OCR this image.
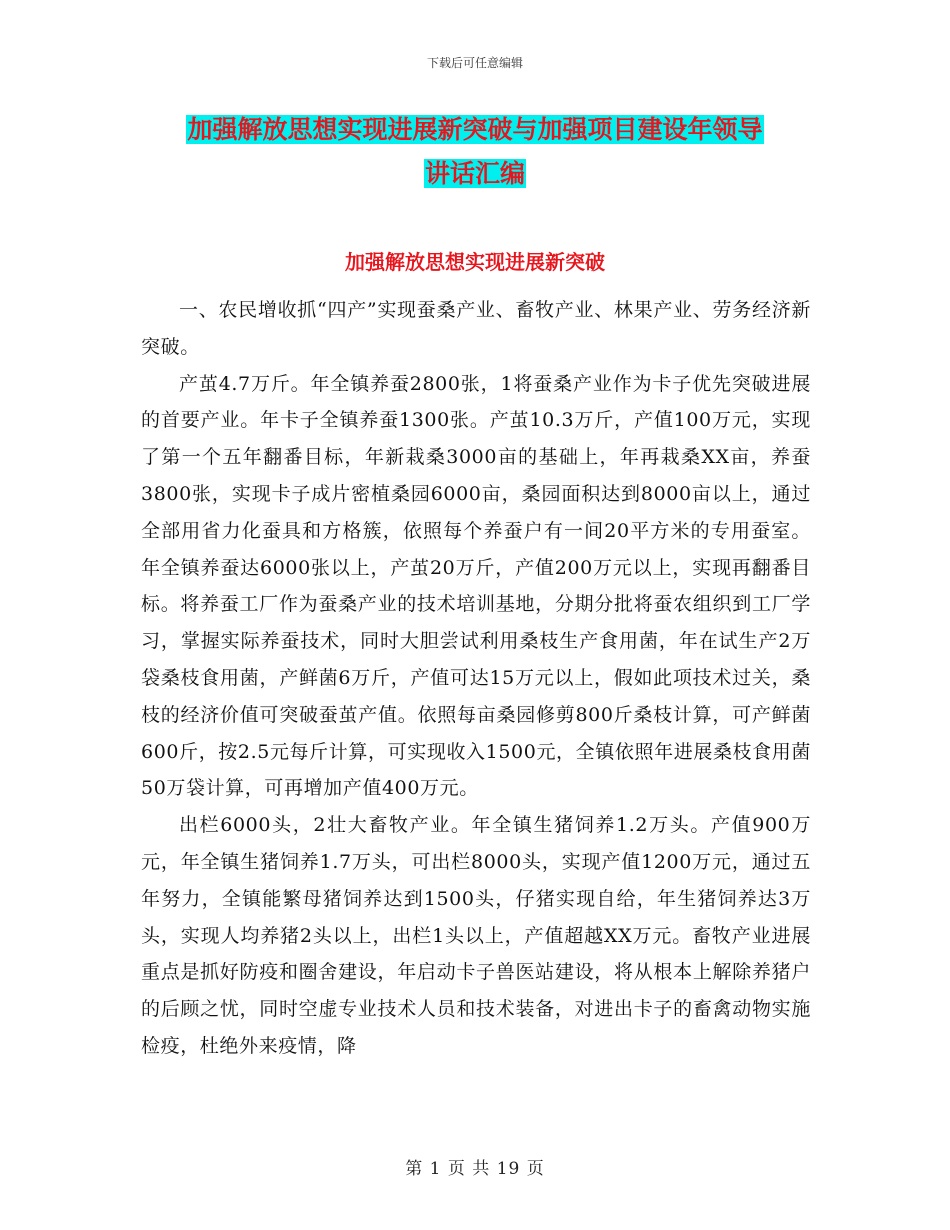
下载后可任意编辑
加强解放思想实现进展新突破与加强项目建设年领导
讲话汇编
加强解放思想实现进展新突破

一、农民增收抓“四产”实现蚕桑产业、畜牧产业、林果产业、劳务经济新突破。

产茧4.7万斤。年全镇养蚕2800张，1将蚕桑产业作为卡子优先突破进展的首要产业。年卡子全镇养蚕1300张。产茧10.3万斤，产值100万元，实现了第一个五年翻番目标，年新栽桑3000亩的基础上，年再栽桑XX亩，养蚕3800张，实现卡子成片密植桑园6000亩，桑园面积达到8000亩以上，通过全部用省力化蚕具和方格簇，依照每个养蚕户有一间20平方米的专用蚕室。年全镇养蚕达6000张以上，产茧20万斤，产值200万元以上，实现再翻番目标。将养蚕工厂作为蚕桑产业的技术培训基地，分期分批将蚕农组织到工厂学习，掌握实际养蚕技术，同时大胆尝试利用桑枝生产食用菌，年在试生产2万袋桑枝食用菌，产鲜菌6万斤，产值可达15万元以上，假如此项技术过关，桑枝的经济价值可突破蚕茧产值。依照每亩桑园修剪800斤桑枝计算，可产鲜菌600斤，按2.5元每斤计算，可实现收入1500元，全镇依照年进展桑枝食用菌50万袋计算，可再增加产值400万元。

出栏6000头，2壮大畜牧产业。年全镇生猪饲养1.2万头。产值900万元，年全镇生猪饲养1.7万头，可出栏8000头，实现产值1200万元，通过五年努力，全镇能繁母猪饲养达到1500头，仔猪实现自给，年生猪饲养达3万头，实现人均养猪2头以上，出栏1头以上，产值超越XX万元。畜牧产业进展重点是抓好防疫和圈舍建设，年启动卡子兽医站建设，将从根本上解除养猪户的后顾之忧，同时空虚专业技术人员和技术装备，对进出卡子的畜禽动物实施检疫，杜绝外来疫情，降

第 1 页 共 19 页
